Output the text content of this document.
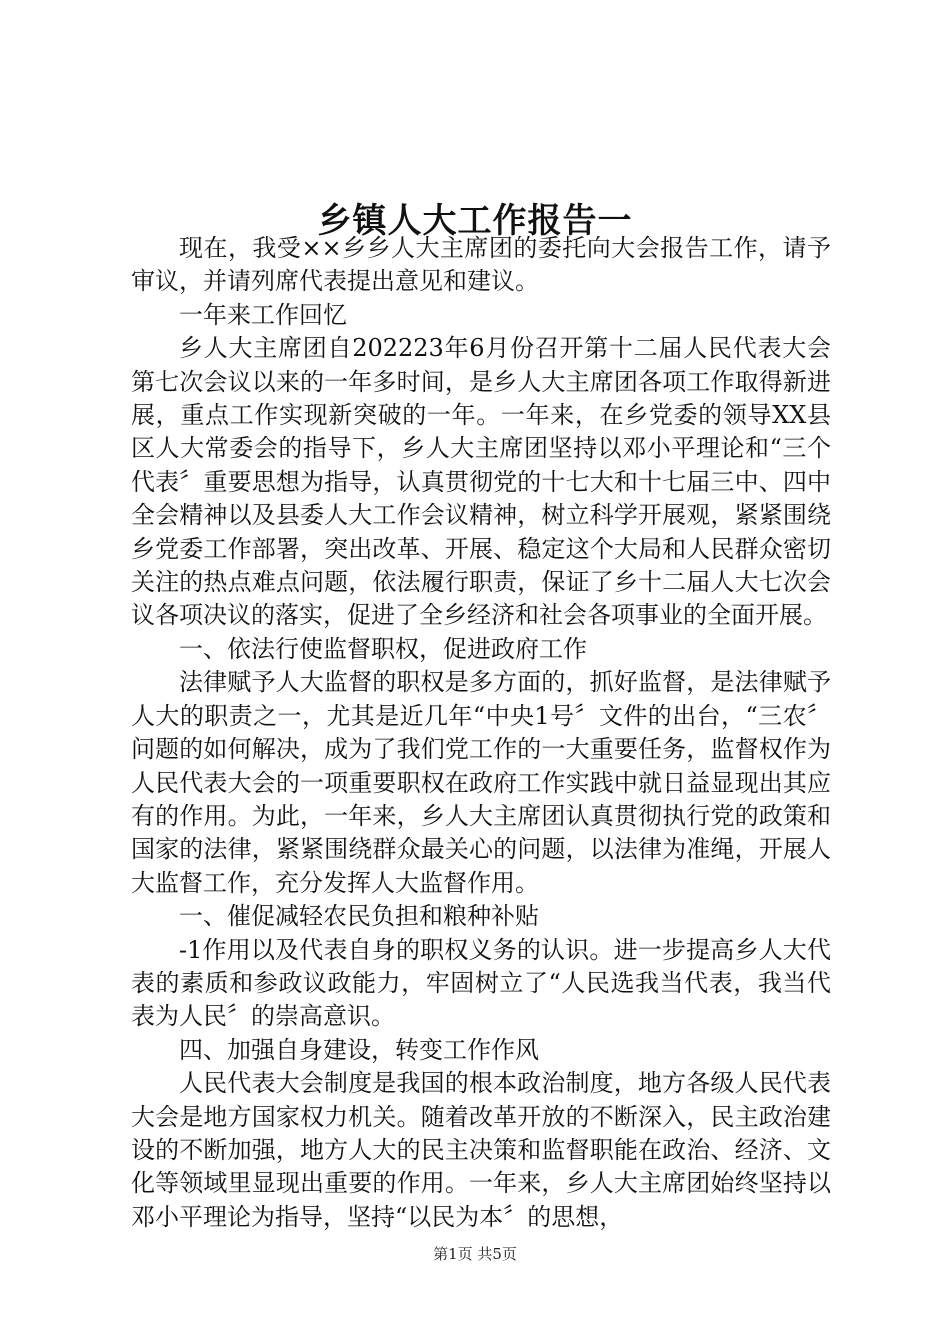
乡镇人大工作报告一

现在，我受××乡乡人大主席团的委托向大会报告工作，请予审议，并请列席代表提出意见和建议。

一年来工作回忆

乡人大主席团自202223年6月份召开第十二届人民代表大会第七次会议以来的一年多时间，是乡人大主席团各项工作取得新进展，重点工作实现新突破的一年。一年来，在乡党委的领导XX县区人大常委会的指导下，乡人大主席团坚持以邓小平理论和“三个代表〞重要思想为指导，认真贯彻党的十七大和十七届三中、四中全会精神以及县委人大工作会议精神，树立科学开展观，紧紧围绕乡党委工作部署，突出改革、开展、稳定这个大局和人民群众密切关注的热点难点问题，依法履行职责，保证了乡十二届人大七次会议各项决议的落实，促进了全乡经济和社会各项事业的全面开展。

一、依法行使监督职权，促进政府工作

法律赋予人大监督的职权是多方面的，抓好监督，是法律赋予人大的职责之一，尤其是近几年“中央1号〞文件的出台，“三农〞问题的如何解决，成为了我们党工作的一大重要任务，监督权作为人民代表大会的一项重要职权在政府工作实践中就日益显现出其应有的作用。为此，一年来，乡人大主席团认真贯彻执行党的政策和国家的法律，紧紧围绕群众最关心的问题，以法律为准绳，开展人大监督工作，充分发挥人大监督作用。

一、催促减轻农民负担和粮种补贴

-1作用以及代表自身的职权义务的认识。进一步提高乡人大代表的素质和参政议政能力，牢固树立了“人民选我当代表，我当代表为人民〞的崇高意识。

四、加强自身建设，转变工作作风

人民代表大会制度是我国的根本政治制度，地方各级人民代表大会是地方国家权力机关。随着改革开放的不断深入，民主政治建设的不断加强，地方人大的民主决策和监督职能在政治、经济、文化等领域里显现出重要的作用。一年来，乡人大主席团始终坚持以邓小平理论为指导，坚持“以民为本〞的思想，

第1页 共5页
